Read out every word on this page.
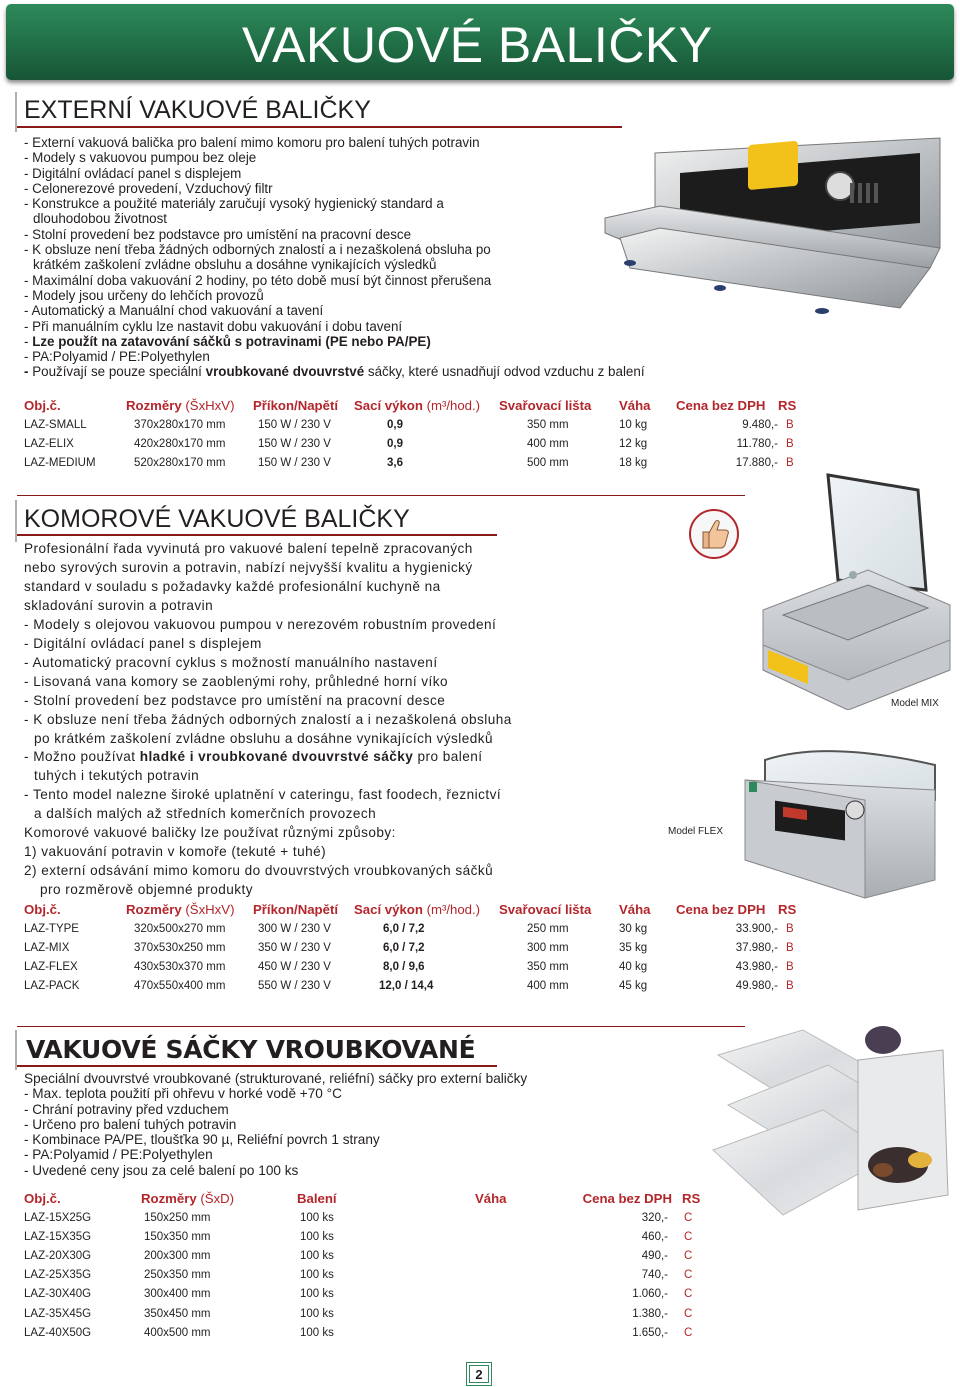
VAKUOVÉ BALIČKY
EXTERNÍ VAKUOVÉ BALIČKY
- Externí vakuová balička pro balení mimo komoru pro balení tuhých potravin
- Modely s vakuovou pumpou bez oleje
- Digitální ovládací panel s displejem
- Celonerezové provedení, Vzduchový filtr
- Konstrukce a použité materiály zaručují vysoký hygienický standard a
dlouhodobou životnost
- Stolní provedení bez podstavce pro umístění na pracovní desce
- K obsluze není třeba žádných odborných znalostí a i nezaškolená obsluha po
krátkém zaškolení zvládne obsluhu a dosáhne vynikajících výsledků
- Maximální doba vakuování 2 hodiny, po této době musí být činnost přerušena
- Modely jsou určeny do lehčích provozů
- Automatický a Manuální chod vakuování a tavení
- Při manuálním cyklu lze nastavit dobu vakuování i dobu tavení
- Lze použít na zatavování sáčků s potravinami (PE nebo PA/PE)
- PA:Polyamid / PE:Polyethylen
- Používají se pouze speciální vroubkované dvouvrstvé sáčky, které usnadňují odvod vzduchu z balení
Obj.č.	Rozměry (ŠxHxV)	Příkon/Napětí	Sací výkon (m³/hod.)	Svařovací lišta	Váha	Cena bez DPH	RS
LAZ-SMALL	370x280x170 mm	150 W / 230 V	0,9	350 mm	10 kg	9.480,-	B
LAZ-ELIX	420x280x170 mm	150 W / 230 V	0,9	400 mm	12 kg	11.780,-	B
LAZ-MEDIUM	520x280x170 mm	150 W / 230 V	3,6	500 mm	18 kg	17.880,-	B
KOMOROVÉ VAKUOVÉ BALIČKY
Profesionální řada vyvinutá pro vakuové balení tepelně zpracovaných
nebo syrových surovin a potravin, nabízí nejvyšší kvalitu a hygienický
standard v souladu s požadavky každé profesionální kuchyně na
skladování surovin a potravin
- Modely s olejovou vakuovou pumpou v nerezovém robustním provedení
- Digitální ovládací panel s displejem
- Automatický pracovní cyklus s možností manuálního nastavení
- Lisovaná vana komory se zaoblenými rohy, průhledné horní víko
- Stolní provedení bez podstavce pro umístění na pracovní desce
- K obsluze není třeba žádných odborných znalostí a i nezaškolená obsluha
po krátkém zaškolení zvládne obsluhu a dosáhne vynikajících výsledků
- Možno používat hladké i vroubkované dvouvrstvé sáčky pro balení
tuhých i tekutých potravin
- Tento model nalezne široké uplatnění v cateringu, fast foodech, řeznictví
a dalších malých až středních komerčních provozech
Komorové vakuové baličky lze používat různými způsoby:
1) vakuování potravin v komoře (tekuté + tuhé)
2) externí odsávání mimo komoru do dvouvrstvých vroubkovaných sáčků
pro rozměrově objemné produkty
Model MIX
Model FLEX
Obj.č.	Rozměry (ŠxHxV)	Příkon/Napětí	Sací výkon (m³/hod.)	Svařovací lišta	Váha	Cena bez DPH	RS
LAZ-TYPE	320x500x270 mm	300 W / 230 V	6,0 / 7,2	250 mm	30 kg	33.900,-	B
LAZ-MIX	370x530x250 mm	350 W / 230 V	6,0 / 7,2	300 mm	35 kg	37.980,-	B
LAZ-FLEX	430x530x370 mm	450 W / 230 V	8,0 / 9,6	350 mm	40 kg	43.980,-	B
LAZ-PACK	470x550x400 mm	550 W / 230 V	12,0 / 14,4	400 mm	45 kg	49.980,-	B
VAKUOVÉ SÁČKY VROUBKOVANÉ
Speciální dvouvrstvé vroubkované (strukturované, reliéfní) sáčky pro externí baličky
- Max. teplota použití při ohřevu v horké vodě +70 °C
- Chrání potraviny před vzduchem
- Určeno pro balení tuhých potravin
- Kombinace PA/PE, tloušťka 90 µ, Reliéfní povrch 1 strany
- PA:Polyamid / PE:Polyethylen
- Uvedené ceny jsou za celé balení po 100 ks
Obj.č.	Rozměry (ŠxD)	Balení	Váha	Cena bez DPH	RS
LAZ-15X25G	150x250 mm	100 ks		320,-	C
LAZ-15X35G	150x350 mm	100 ks		460,-	C
LAZ-20X30G	200x300 mm	100 ks		490,-	C
LAZ-25X35G	250x350 mm	100 ks		740,-	C
LAZ-30X40G	300x400 mm	100 ks		1.060,-	C
LAZ-35X45G	350x450 mm	100 ks		1.380,-	C
LAZ-40X50G	400x500 mm	100 ks		1.650,-	C
2
